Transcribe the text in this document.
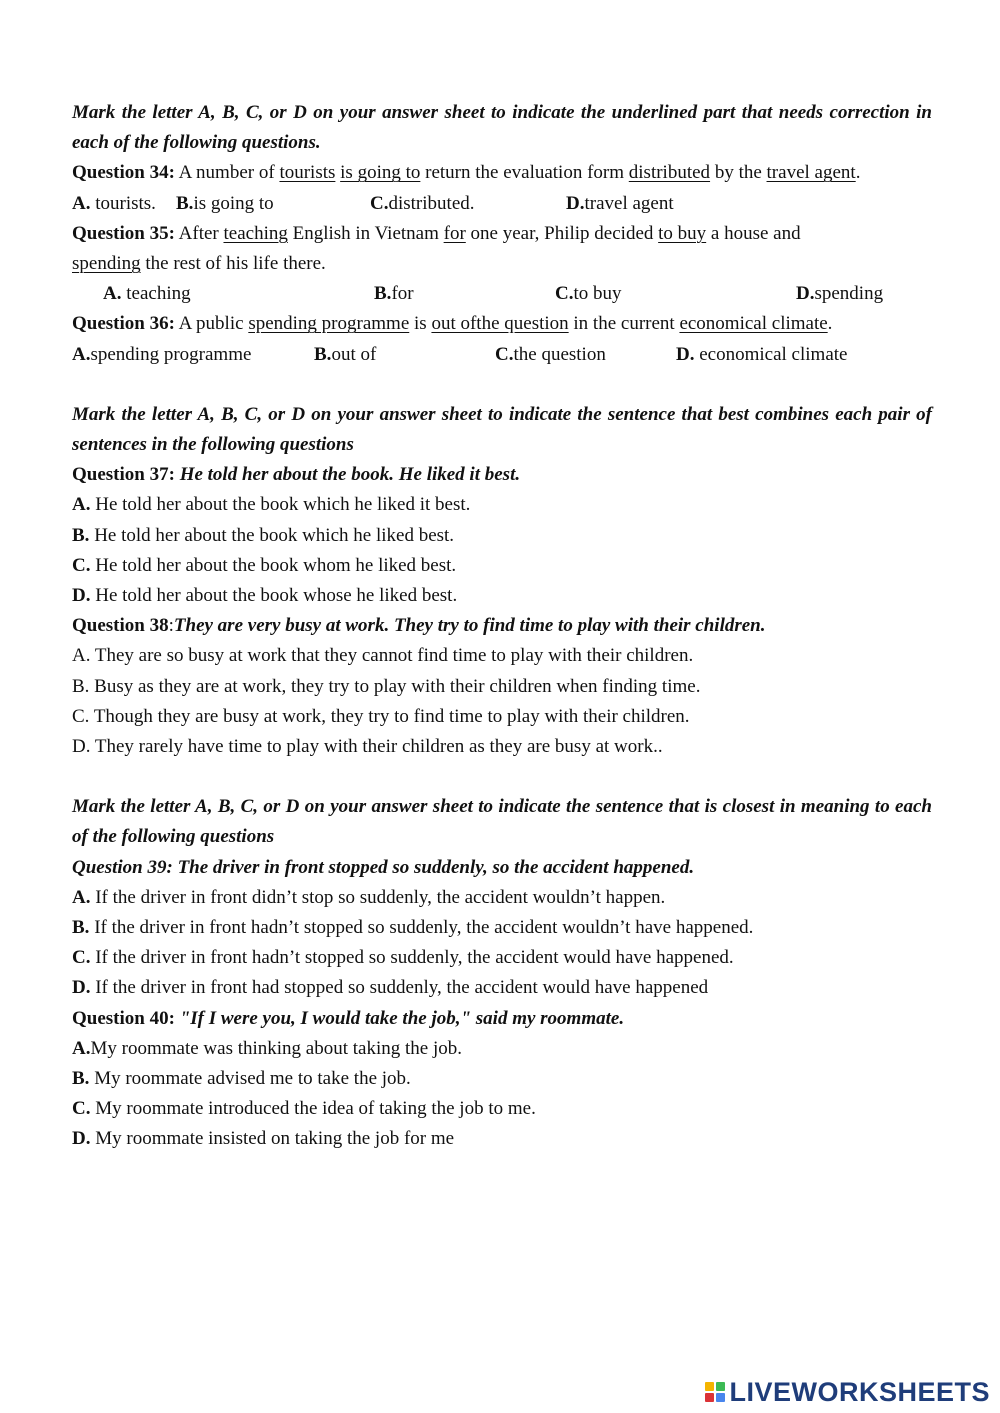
Mark the letter A, B, C, or D on your answer sheet to indicate the underlined part that needs correction in each of the following questions.
Question 34: A number of tourists is going to return the evaluation form distributed by the travel agent.
A. tourists. B.is going to	C.distributed.	D.travel agent
Question 35: After teaching English in Vietnam for one year, Philip decided to buy a house and
spending the rest of his life there.
A. teaching	B.for	C.to buy	D.spending
Question 36: A public spending programme is out ofthe question in the current economical climate.
A.spending programme	B.out of	C.the question	D. economical climate
Mark the letter A, B, C, or D on your answer sheet to indicate the sentence that best combines each pair of sentences in the following questions
Question 37: He told her about the book. He liked it best.
A. He told her about the book which he liked it best.
B. He told her about the book which he liked best.
C. He told her about the book whom he liked best.
D. He told her about the book whose he liked best.
Question 38:They are very busy at work. They try to find time to play with their children.
A. They are so busy at work that they cannot find time to play with their children.
B. Busy as they are at work, they try to play with their children when finding time.
C. Though they are busy at work, they try to find time to play with their children.
D. They rarely have time to play with their children as they are busy at work..
Mark the letter A, B, C, or D on your answer sheet to indicate the sentence that is closest in meaning to each of the following questions
Question 39: The driver in front stopped so suddenly, so the accident happened.
A. If the driver in front didn’t stop so suddenly, the accident wouldn’t happen.
B. If the driver in front hadn’t stopped so suddenly, the accident wouldn’t have happened.
C. If the driver in front hadn’t stopped so suddenly, the accident would have happened.
D. If the driver in front had stopped so suddenly, the accident would have happened
Question 40: "If I were you, I would take the job," said my roommate.
A.My roommate was thinking about taking the job.
B. My roommate advised me to take the job.
C. My roommate introduced the idea of taking the job to me.
D. My roommate insisted on taking the job for me
LIVEWORKSHEETS
